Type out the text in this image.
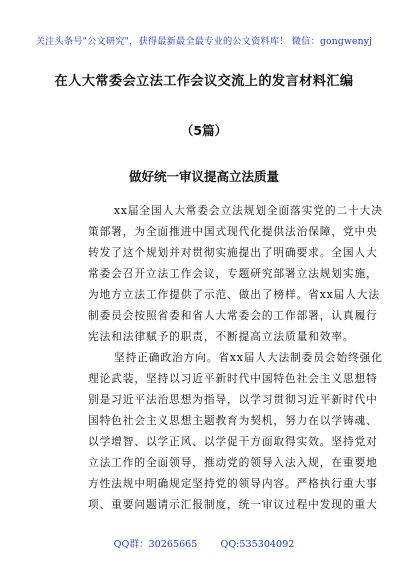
关注头条号"公文研究"，获得最新最全最专业的公文资料库！ 微信：gongwenyj
在人大常委会立法工作会议交流上的发言材料汇编
（5篇）
做好统一审议提高立法质量
xx届全国人大常委会立法规划全面落实党的二十大决
策部署，为全面推进中国式现代化提供法治保障，党中央
转发了这个规划并对贯彻实施提出了明确要求。全国人大
常委会召开立法工作会议，专题研究部署立法规划实施，
为地方立法工作提供了示范、做出了榜样。省xx届人大法
制委员会按照省委和省人大常委会的工作部署，认真履行
宪法和法律赋予的职责，不断提高立法质量和效率。
坚持正确政治方向。省xx届人大法制委员会始终强化
理论武装，坚持以习近平新时代中国特色社会主义思想特
别是习近平法治思想为指导，以学习贯彻习近平新时代中
国特色社会主义思想主题教育为契机，努力在以学铸魂、
以学增智、以学正风、以学促干方面取得实效。坚持党对
立法工作的全面领导，推动党的领导入法入规，在重要地
方性法规中明确规定坚持党的领导内容。严格执行重大事
项、重要问题请示汇报制度，统一审议过程中发现的重大
QQ群：30265665 QQ:535304092
